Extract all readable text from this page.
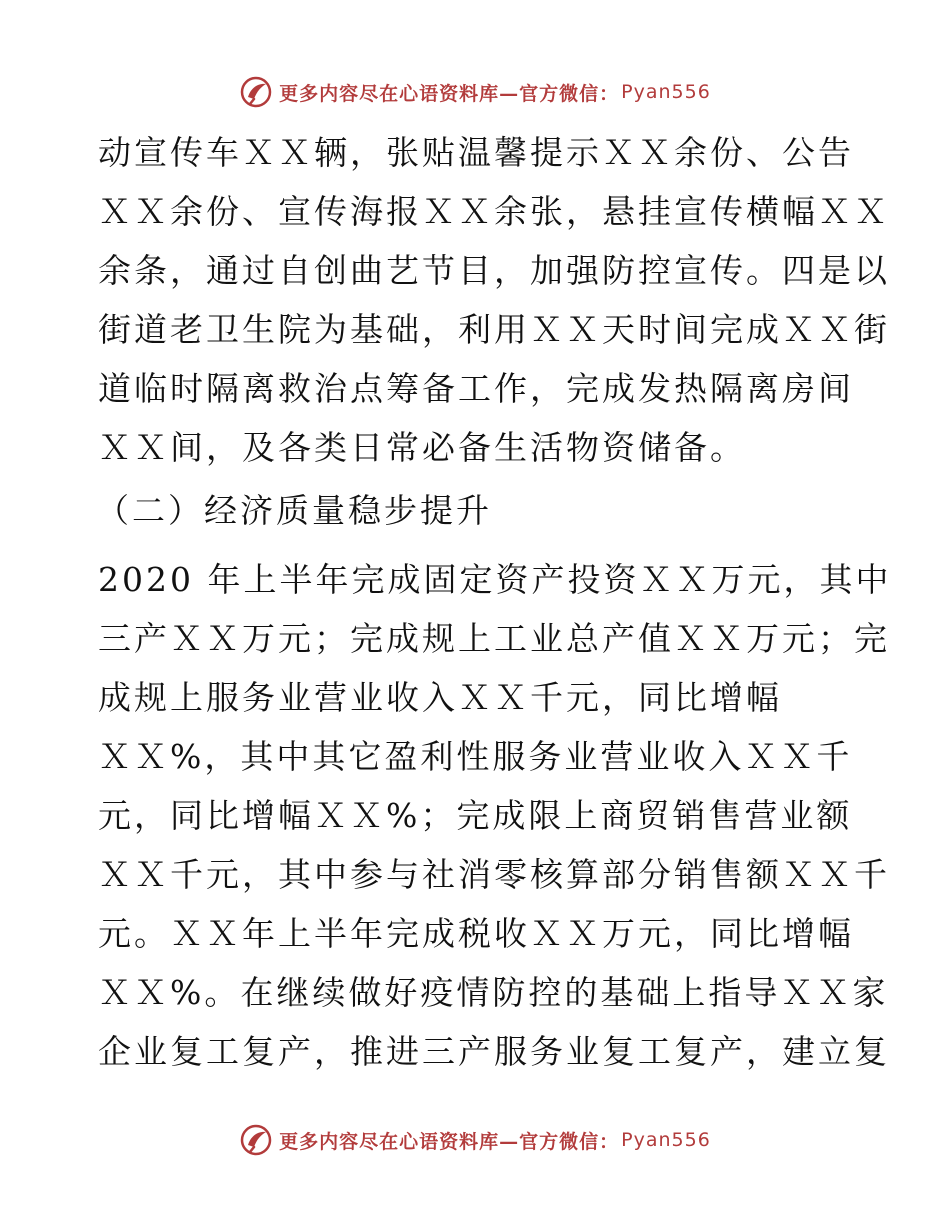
更多内容尽在心语资料库—官方微信： Pyan556
动宣传车ＸＸ辆，张贴温馨提示ＸＸ余份、公告
ＸＸ余份、宣传海报ＸＸ余张，悬挂宣传横幅ＸＸ
余条，通过自创曲艺节目，加强防控宣传。四是以
街道老卫生院为基础，利用ＸＸ天时间完成ＸＸ街
道临时隔离救治点筹备工作，完成发热隔离房间
ＸＸ间，及各类日常必备生活物资储备。
（二）经济质量稳步提升
2020 年上半年完成固定资产投资ＸＸ万元，其中
三产ＸＸ万元；完成规上工业总产值ＸＸ万元；完
成规上服务业营业收入ＸＸ千元，同比增幅
ＸＸ%，其中其它盈利性服务业营业收入ＸＸ千
元，同比增幅ＸＸ%；完成限上商贸销售营业额
ＸＸ千元，其中参与社消零核算部分销售额ＸＸ千
元。ＸＸ年上半年完成税收ＸＸ万元，同比增幅
ＸＸ%。在继续做好疫情防控的基础上指导ＸＸ家
企业复工复产，推进三产服务业复工复产，建立复
更多内容尽在心语资料库—官方微信： Pyan556
